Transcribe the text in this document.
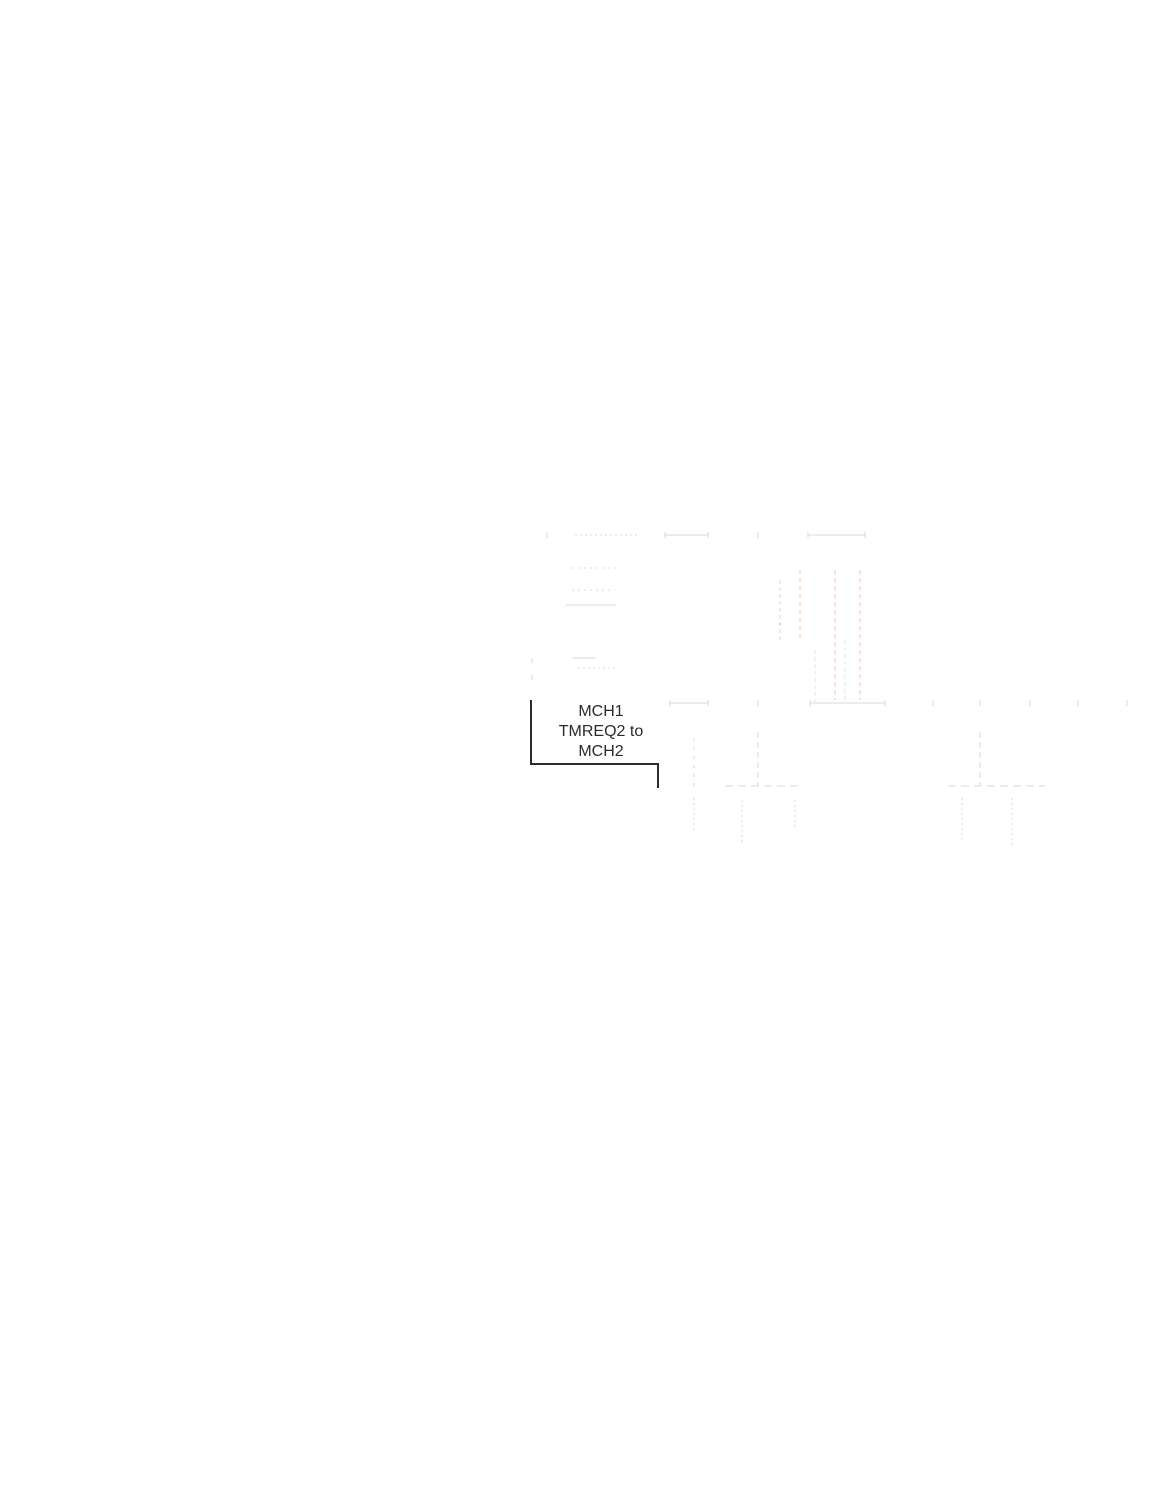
MCH1
TMREQ2 to
MCH2
